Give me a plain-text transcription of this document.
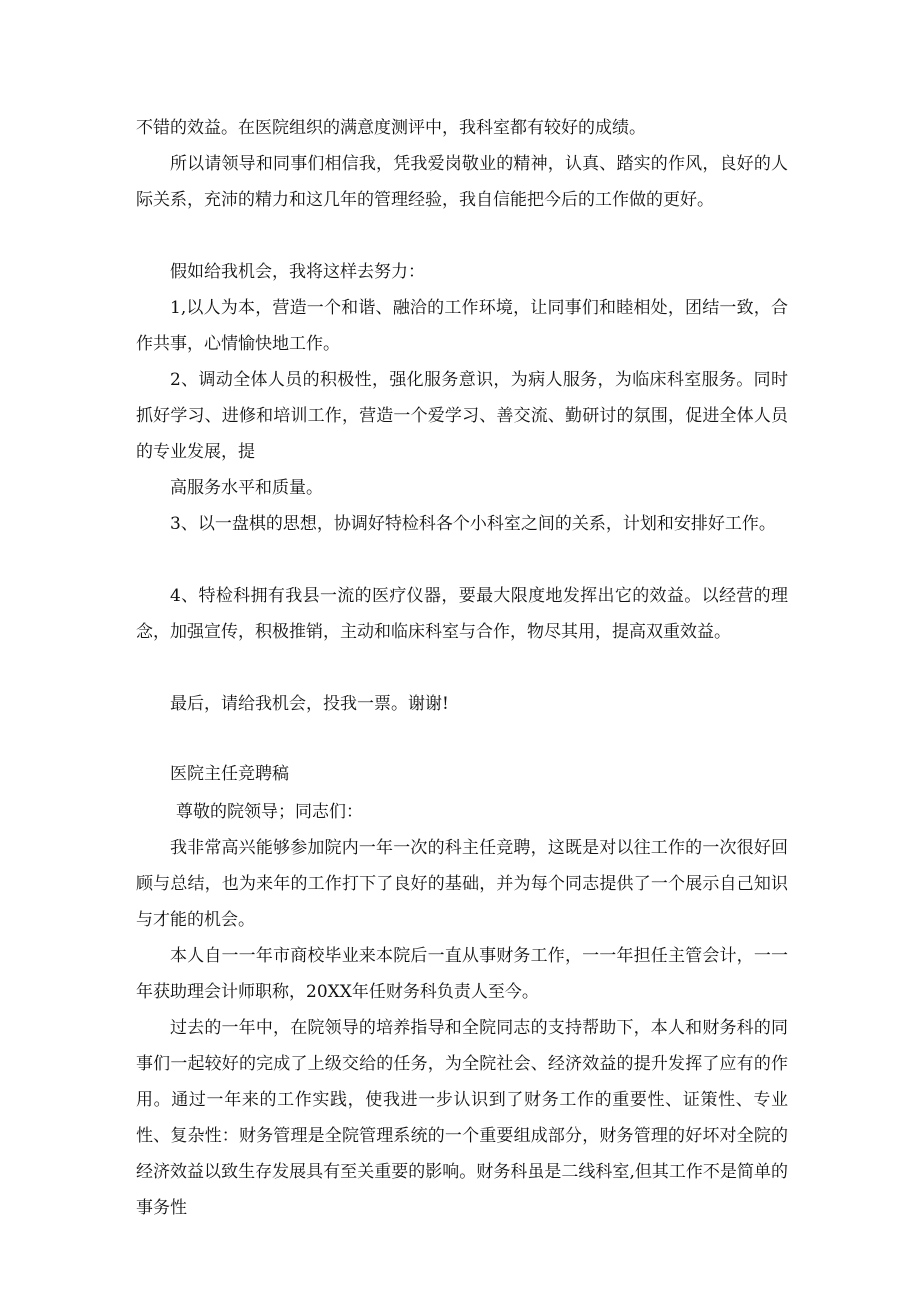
不错的效益。在医院组织的满意度测评中，我科室都有较好的成绩。
所以请领导和同事们相信我，凭我爱岗敬业的精神，认真、踏实的作风，良好的人际关系，充沛的精力和这几年的管理经验，我自信能把今后的工作做的更好。
假如给我机会，我将这样去努力：
1,以人为本，营造一个和谐、融洽的工作环境，让同事们和睦相处，团结一致，合作共事，心情愉快地工作。
2、调动全体人员的积极性，强化服务意识，为病人服务，为临床科室服务。同时抓好学习、进修和培训工作，营造一个爱学习、善交流、勤研讨的氛围，促进全体人员的专业发展，提
高服务水平和质量。
3、以一盘棋的思想，协调好特检科各个小科室之间的关系，计划和安排好工作。
4、特检科拥有我县一流的医疗仪器，要最大限度地发挥出它的效益。以经营的理念，加强宣传，积极推销，主动和临床科室与合作，物尽其用，提高双重效益。
最后，请给我机会，投我一票。谢谢!
医院主任竞聘稿
尊敬的院领导；同志们：
我非常高兴能够参加院内一年一次的科主任竞聘，这既是对以往工作的一次很好回顾与总结，也为来年的工作打下了良好的基础，并为每个同志提供了一个展示自己知识与才能的机会。
本人自一一年市商校毕业来本院后一直从事财务工作，一一年担任主管会计，一一年获助理会计师职称，20XX年任财务科负责人至今。
过去的一年中，在院领导的培养指导和全院同志的支持帮助下，本人和财务科的同事们一起较好的完成了上级交给的任务，为全院社会、经济效益的提升发挥了应有的作用。通过一年来的工作实践，使我进一步认识到了财务工作的重要性、证策性、专业性、复杂性：财务管理是全院管理系统的一个重要组成部分，财务管理的好坏对全院的经济效益以致生存发展具有至关重要的影响。财务科虽是二线科室,但其工作不是简单的事务性
